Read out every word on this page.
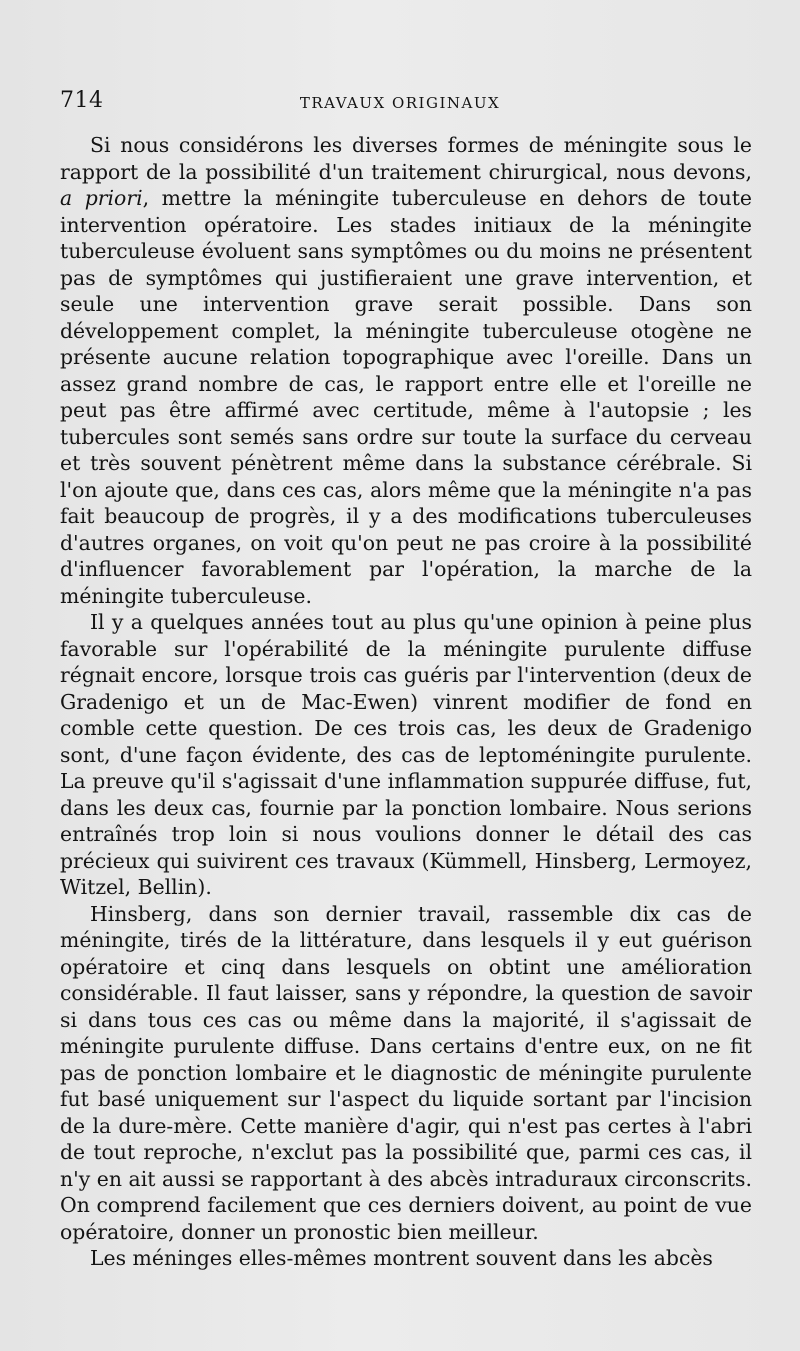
714	TRAVAUX ORIGINAUX

Si nous considérons les diverses formes de méningite sous le rapport de la possibilité d'un traitement chirurgical, nous devons, a priori, mettre la méningite tuberculeuse en dehors de toute intervention opératoire. Les stades initiaux de la méningite tuberculeuse évoluent sans symptômes ou du moins ne présentent pas de symptômes qui justifieraient une grave intervention, et seule une intervention grave serait possible. Dans son développement complet, la méningite tuberculeuse otogène ne présente aucune relation topographique avec l'oreille. Dans un assez grand nombre de cas, le rapport entre elle et l'oreille ne peut pas être affirmé avec certitude, même à l'autopsie ; les tubercules sont semés sans ordre sur toute la surface du cerveau et très souvent pénètrent même dans la substance cérébrale. Si l'on ajoute que, dans ces cas, alors même que la méningite n'a pas fait beaucoup de progrès, il y a des modifications tuberculeuses d'autres organes, on voit qu'on peut ne pas croire à la possibilité d'influencer favorablement par l'opération, la marche de la méningite tuberculeuse.

Il y a quelques années tout au plus qu'une opinion à peine plus favorable sur l'opérabilité de la méningite purulente diffuse régnait encore, lorsque trois cas guéris par l'intervention (deux de Gradenigo et un de Mac-Ewen) vinrent modifier de fond en comble cette question. De ces trois cas, les deux de Gradenigo sont, d'une façon évidente, des cas de leptoméningite purulente. La preuve qu'il s'agissait d'une inflammation suppurée diffuse, fut, dans les deux cas, fournie par la ponction lombaire. Nous serions entraînés trop loin si nous voulions donner le détail des cas précieux qui suivirent ces travaux (Kümmell, Hinsberg, Lermoyez, Witzel, Bellin).

Hinsberg, dans son dernier travail, rassemble dix cas de méningite, tirés de la littérature, dans lesquels il y eut guérison opératoire et cinq dans lesquels on obtint une amélioration considérable. Il faut laisser, sans y répondre, la question de savoir si dans tous ces cas ou même dans la majorité, il s'agissait de méningite purulente diffuse. Dans certains d'entre eux, on ne fit pas de ponction lombaire et le diagnostic de méningite purulente fut basé uniquement sur l'aspect du liquide sortant par l'incision de la dure-mère. Cette manière d'agir, qui n'est pas certes à l'abri de tout reproche, n'exclut pas la possibilité que, parmi ces cas, il n'y en ait aussi se rapportant à des abcès intraduraux circonscrits. On comprend facilement que ces derniers doivent, au point de vue opératoire, donner un pronostic bien meilleur.

Les méninges elles-mêmes montrent souvent dans les abcès
